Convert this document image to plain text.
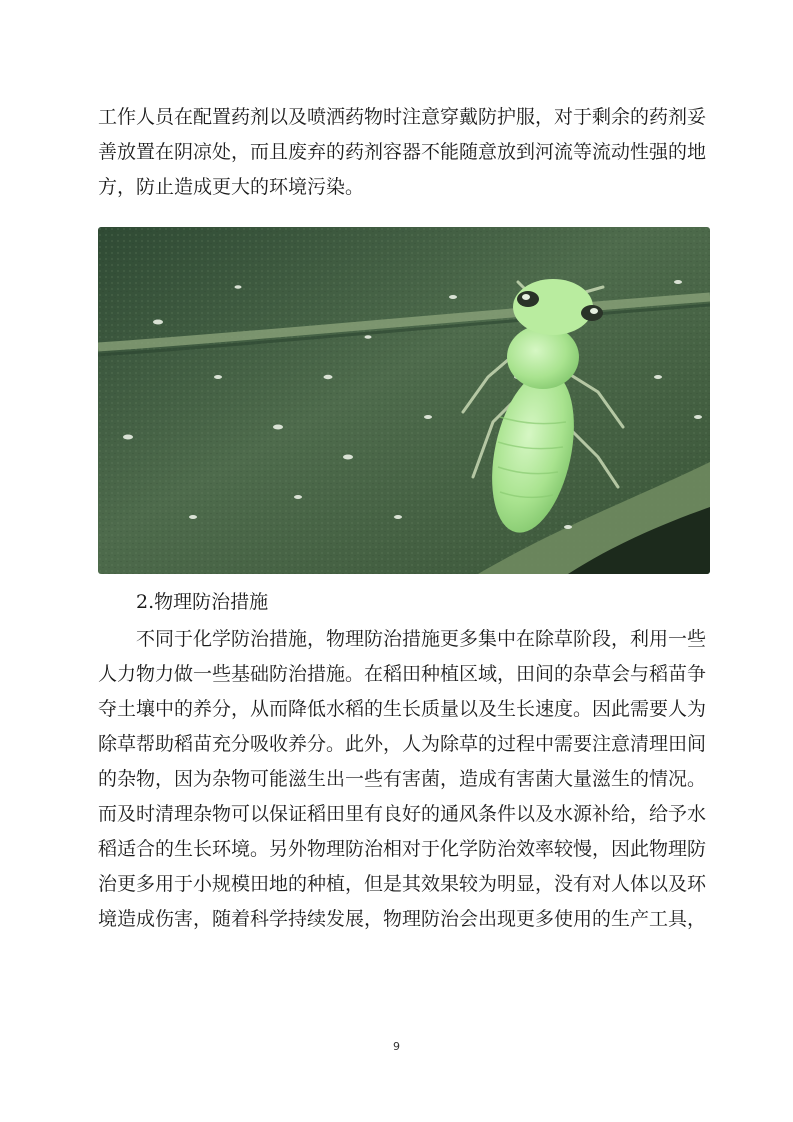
工作人员在配置药剂以及喷洒药物时注意穿戴防护服，对于剩余的药剂妥
善放置在阴凉处，而且废弃的药剂容器不能随意放到河流等流动性强的地
方，防止造成更大的环境污染。

2.物理防治措施

不同于化学防治措施，物理防治措施更多集中在除草阶段，利用一些
人力物力做一些基础防治措施。在稻田种植区域，田间的杂草会与稻苗争
夺土壤中的养分，从而降低水稻的生长质量以及生长速度。因此需要人为
除草帮助稻苗充分吸收养分。此外，人为除草的过程中需要注意清理田间
的杂物，因为杂物可能滋生出一些有害菌，造成有害菌大量滋生的情况。
而及时清理杂物可以保证稻田里有良好的通风条件以及水源补给，给予水
稻适合的生长环境。另外物理防治相对于化学防治效率较慢，因此物理防
治更多用于小规模田地的种植，但是其效果较为明显，没有对人体以及环
境造成伤害，随着科学持续发展，物理防治会出现更多使用的生产工具，

9
